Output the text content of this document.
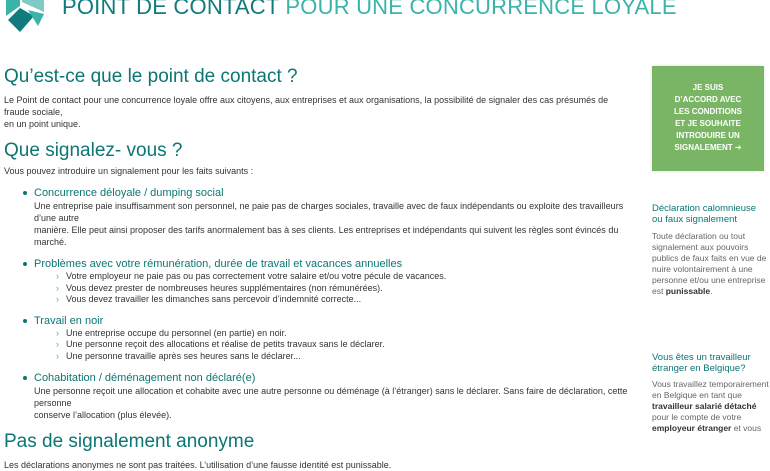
POINT DE CONTACT POUR UNE CONCURRENCE LOYALE
Qu’est-ce que le point de contact ?
Le Point de contact pour une concurrence loyale offre aux citoyens, aux entreprises et aux organisations, la possibilité de signaler des cas présumés de fraude sociale,
en un point unique.
Que signalez- vous ?
Vous pouvez introduire un signalement pour les faits suivants :
Concurrence déloyale / dumping social
Une entreprise paie insuffisamment son personnel, ne paie pas de charges sociales, travaille avec de faux indépendants ou exploite des travailleurs d’une autre
manière. Elle peut ainsi proposer des tarifs anormalement bas à ses clients. Les entreprises et indépendants qui suivent les règles sont évincés du marché.
Problèmes avec votre rémunération, durée de travail et vacances annuelles
› Votre employeur ne paie pas ou pas correctement votre salaire et/ou votre pécule de vacances.
› Vous devez prester de nombreuses heures supplémentaires (non rémunérées).
› Vous devez travailler les dimanches sans percevoir d’indemnité correcte...
Travail en noir
› Une entreprise occupe du personnel (en partie) en noir.
› Une personne reçoit des allocations et réalise de petits travaux sans le déclarer.
› Une personne travaille après ses heures sans le déclarer...
Cohabitation / déménagement non déclaré(e)
Une personne reçoit une allocation et cohabite avec une autre personne ou déménage (à l’étranger) sans le déclarer. Sans faire de déclaration, cette personne
conserve l’allocation (plus élevée).
Pas de signalement anonyme
Les déclarations anonymes ne sont pas traitées. L’utilisation d’une fausse identité est punissable.
JE SUIS
D’ACCORD AVEC
LES CONDITIONS
ET JE SOUHAITE
INTRODUIRE UN
SIGNALEMENT ➔
Déclaration calomnieuse
ou faux signalement
Toute déclaration ou tout
signalement aux pouvoirs
publics de faux faits en vue de
nuire volontairement à une
personne et/ou une entreprise
est punissable.
Vous êtes un travailleur
étranger en Belgique?
Vous travaillez temporairement
en Belgique en tant que
travailleur salarié détaché
pour le compte de votre
employeur étranger et vous
